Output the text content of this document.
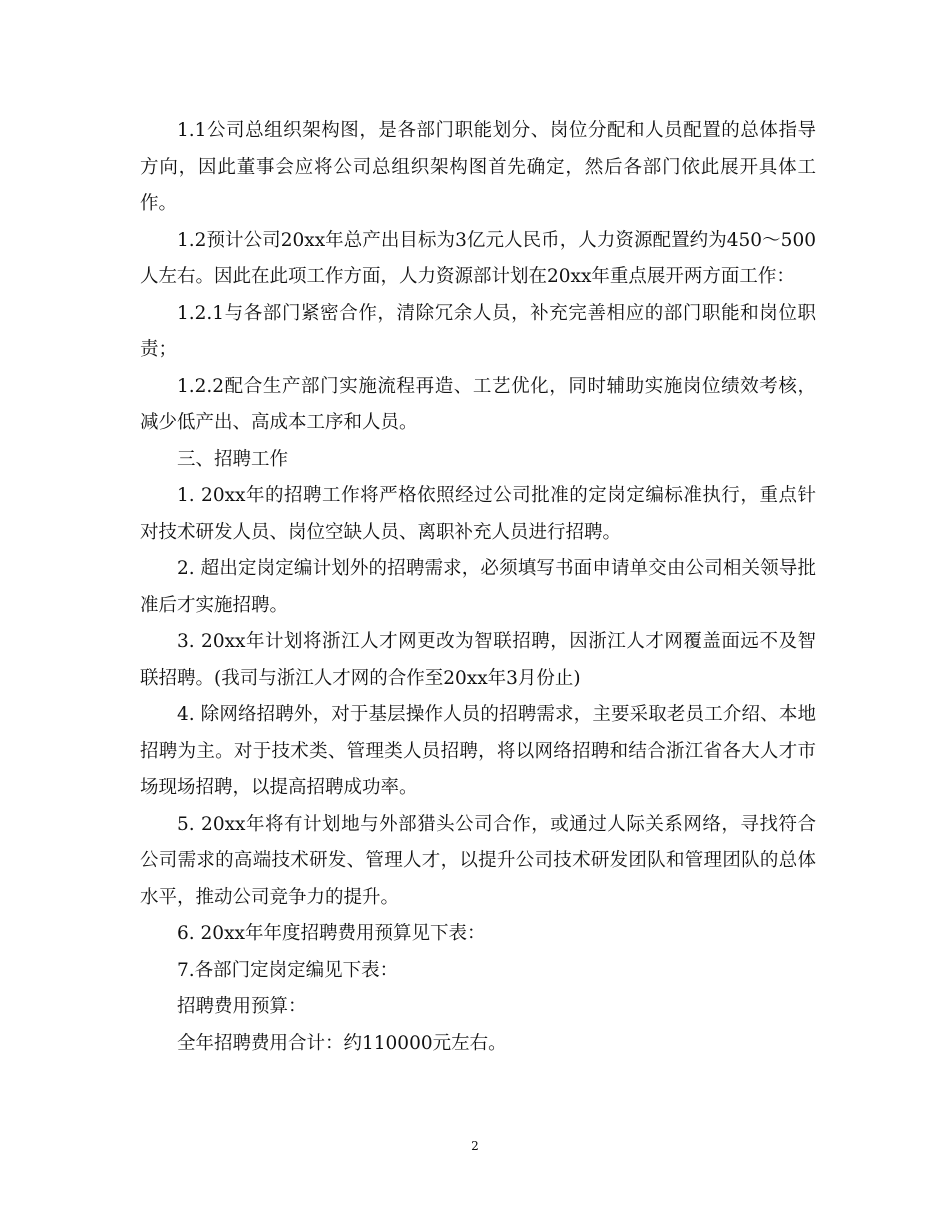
1.1公司总组织架构图，是各部门职能划分、岗位分配和人员配置的总体指导方向，因此董事会应将公司总组织架构图首先确定，然后各部门依此展开具体工作。

1.2预计公司20xx年总产出目标为3亿元人民币，人力资源配置约为450～500人左右。因此在此项工作方面，人力资源部计划在20xx年重点展开两方面工作：

1.2.1与各部门紧密合作，清除冗余人员，补充完善相应的部门职能和岗位职责；

1.2.2配合生产部门实施流程再造、工艺优化，同时辅助实施岗位绩效考核，减少低产出、高成本工序和人员。

三、招聘工作

1. 20xx年的招聘工作将严格依照经过公司批准的定岗定编标准执行，重点针对技术研发人员、岗位空缺人员、离职补充人员进行招聘。

2. 超出定岗定编计划外的招聘需求，必须填写书面申请单交由公司相关领导批准后才实施招聘。

3. 20xx年计划将浙江人才网更改为智联招聘，因浙江人才网覆盖面远不及智联招聘。(我司与浙江人才网的合作至20xx年3月份止)

4. 除网络招聘外，对于基层操作人员的招聘需求，主要采取老员工介绍、本地招聘为主。对于技术类、管理类人员招聘，将以网络招聘和结合浙江省各大人才市场现场招聘，以提高招聘成功率。

5. 20xx年将有计划地与外部猎头公司合作，或通过人际关系网络，寻找符合公司需求的高端技术研发、管理人才，以提升公司技术研发团队和管理团队的总体水平，推动公司竞争力的提升。

6. 20xx年年度招聘费用预算见下表：

7.各部门定岗定编见下表：

招聘费用预算：

全年招聘费用合计：约110000元左右。

2
